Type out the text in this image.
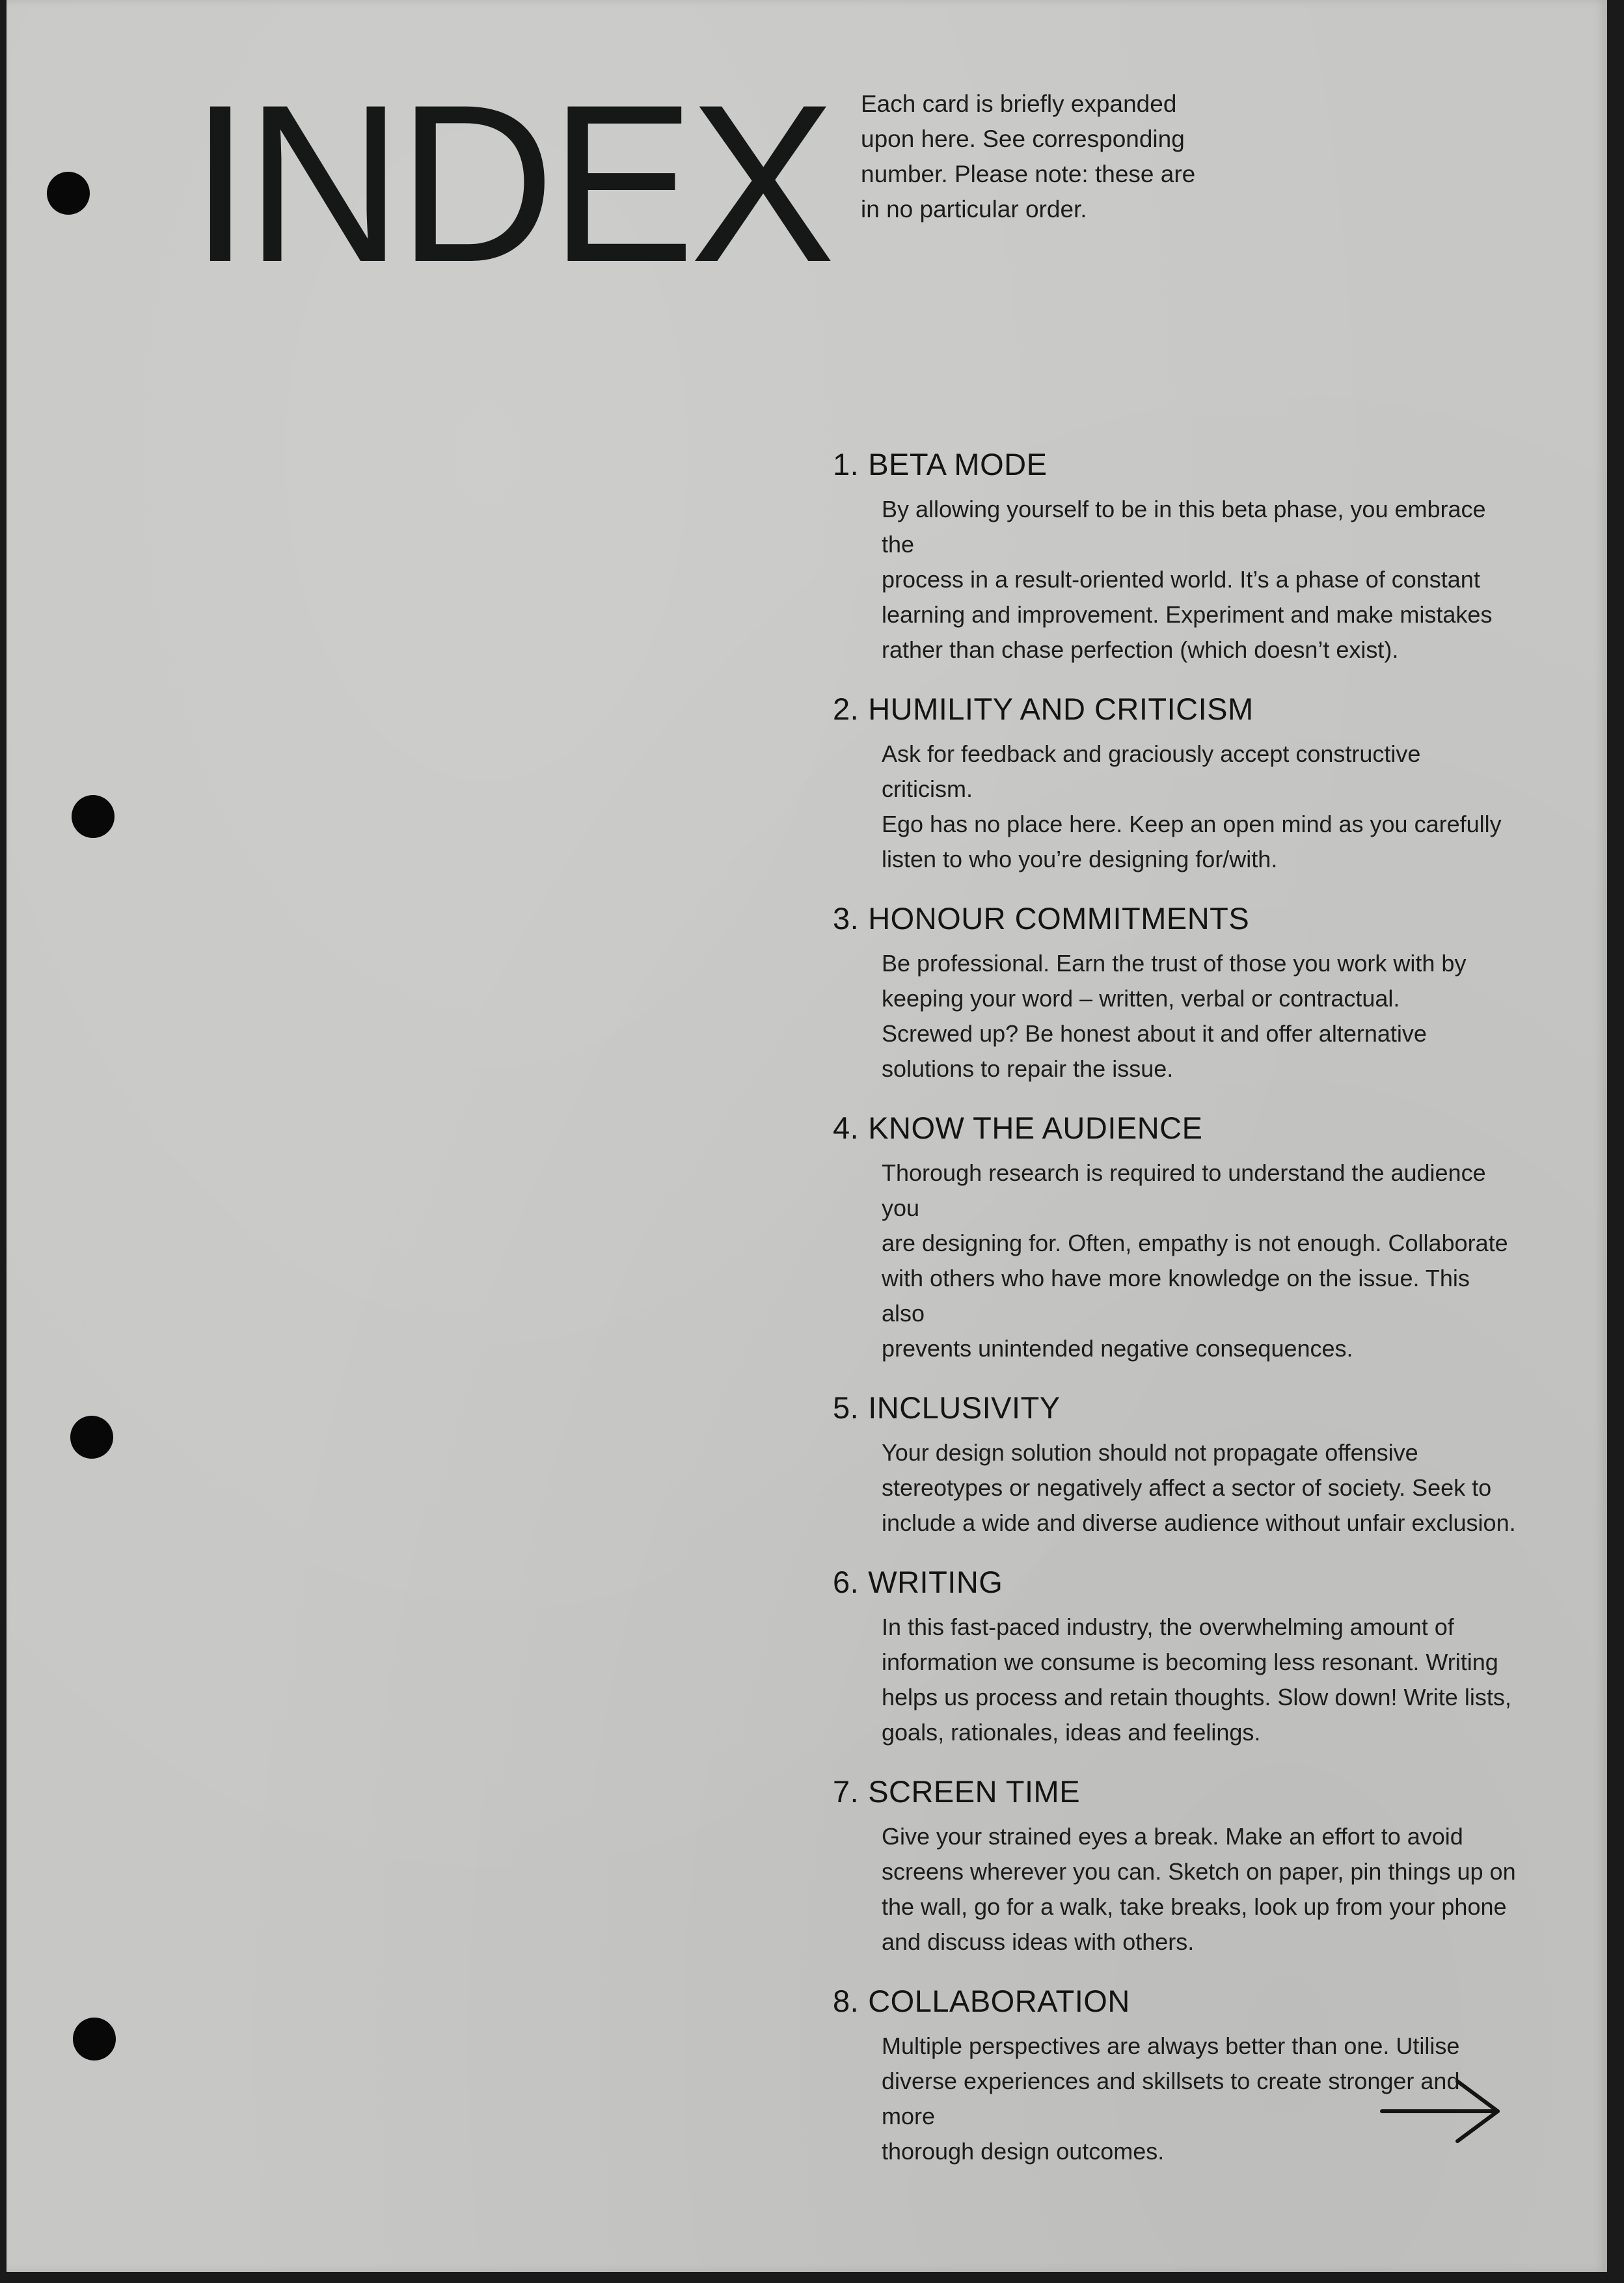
INDEX Each card is briefly expanded
upon here. See corresponding
number. Please note: these are
in no particular order.

1. BETA MODE

By allowing yourself to be in this beta phase, you embrace the
process in a result-oriented world. It’s a phase of constant
learning and improvement. Experiment and make mistakes
rather than chase perfection (which doesn’t exist).

2. HUMILITY AND CRITICISM

Ask for feedback and graciously accept constructive criticism.
Ego has no place here. Keep an open mind as you carefully
listen to who you’re designing for/with.

3. HONOUR COMMITMENTS

Be professional. Earn the trust of those you work with by
keeping your word – written, verbal or contractual.
Screwed up? Be honest about it and offer alternative
solutions to repair the issue.

4. KNOW THE AUDIENCE

Thorough research is required to understand the audience you
are designing for. Often, empathy is not enough. Collaborate
with others who have more knowledge on the issue. This also
prevents unintended negative consequences.

5. INCLUSIVITY

Your design solution should not propagate offensive
stereotypes or negatively affect a sector of society. Seek to
include a wide and diverse audience without unfair exclusion.

6. WRITING

In this fast-paced industry, the overwhelming amount of
information we consume is becoming less resonant. Writing
helps us process and retain thoughts. Slow down! Write lists,
goals, rationales, ideas and feelings.

7. SCREEN TIME

Give your strained eyes a break. Make an effort to avoid
screens wherever you can. Sketch on paper, pin things up on
the wall, go for a walk, take breaks, look up from your phone
and discuss ideas with others.

8. COLLABORATION

Multiple perspectives are always better than one. Utilise
diverse experiences and skillsets to create stronger and more
thorough design outcomes.
